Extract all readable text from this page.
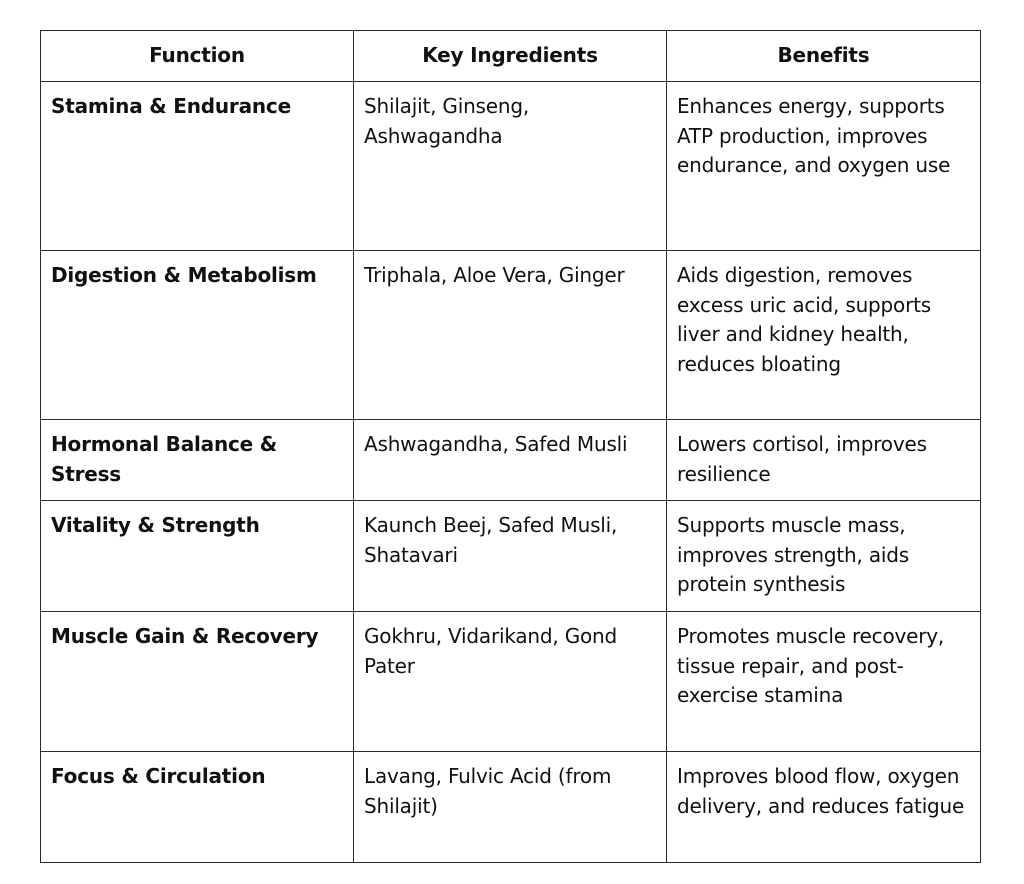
Function	Key Ingredients	Benefits
Stamina & Endurance	Shilajit, Ginseng, Ashwagandha	Enhances energy, supports ATP production, improves endurance, and oxygen use
Digestion & Metabolism	Triphala, Aloe Vera, Ginger	Aids digestion, removes excess uric acid, supports liver and kidney health, reduces bloating
Hormonal Balance & Stress	Ashwagandha, Safed Musli	Lowers cortisol, improves resilience
Vitality & Strength	Kaunch Beej, Safed Musli, Shatavari	Supports muscle mass, improves strength, aids protein synthesis
Muscle Gain & Recovery	Gokhru, Vidarikand, Gond Pater	Promotes muscle recovery, tissue repair, and post-exercise stamina
Focus & Circulation	Lavang, Fulvic Acid (from Shilajit)	Improves blood flow, oxygen delivery, and reduces fatigue
